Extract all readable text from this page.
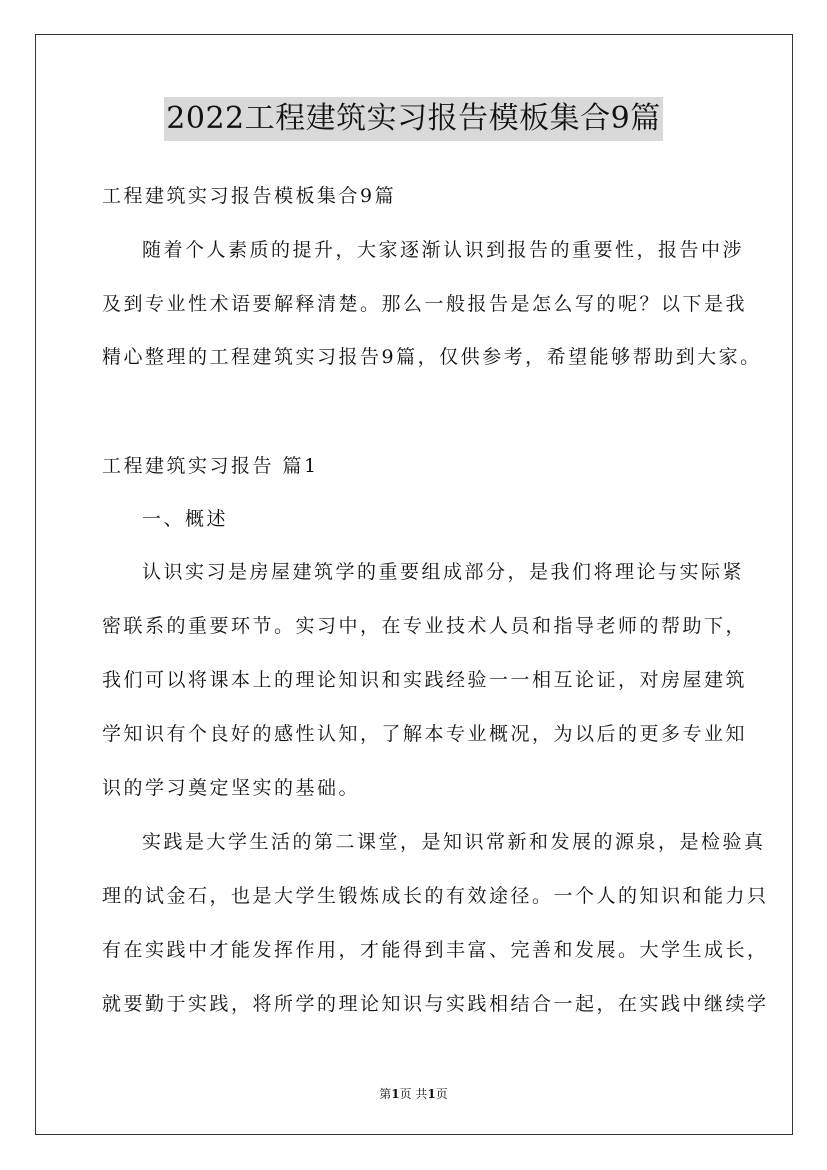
2022工程建筑实习报告模板集合9篇
工程建筑实习报告模板集合9篇
随着个人素质的提升，大家逐渐认识到报告的重要性，报告中涉
及到专业性术语要解释清楚。那么一般报告是怎么写的呢？以下是我
精心整理的工程建筑实习报告9篇，仅供参考，希望能够帮助到大家。
工程建筑实习报告 篇1
一、概述
认识实习是房屋建筑学的重要组成部分，是我们将理论与实际紧
密联系的重要环节。实习中，在专业技术人员和指导老师的帮助下，
我们可以将课本上的理论知识和实践经验一一相互论证，对房屋建筑
学知识有个良好的感性认知，了解本专业概况，为以后的更多专业知
识的学习奠定坚实的基础。
实践是大学生活的第二课堂，是知识常新和发展的源泉，是检验真
理的试金石，也是大学生锻炼成长的有效途径。一个人的知识和能力只
有在实践中才能发挥作用，才能得到丰富、完善和发展。大学生成长，
就要勤于实践，将所学的理论知识与实践相结合一起，在实践中继续学
第1页 共1页
